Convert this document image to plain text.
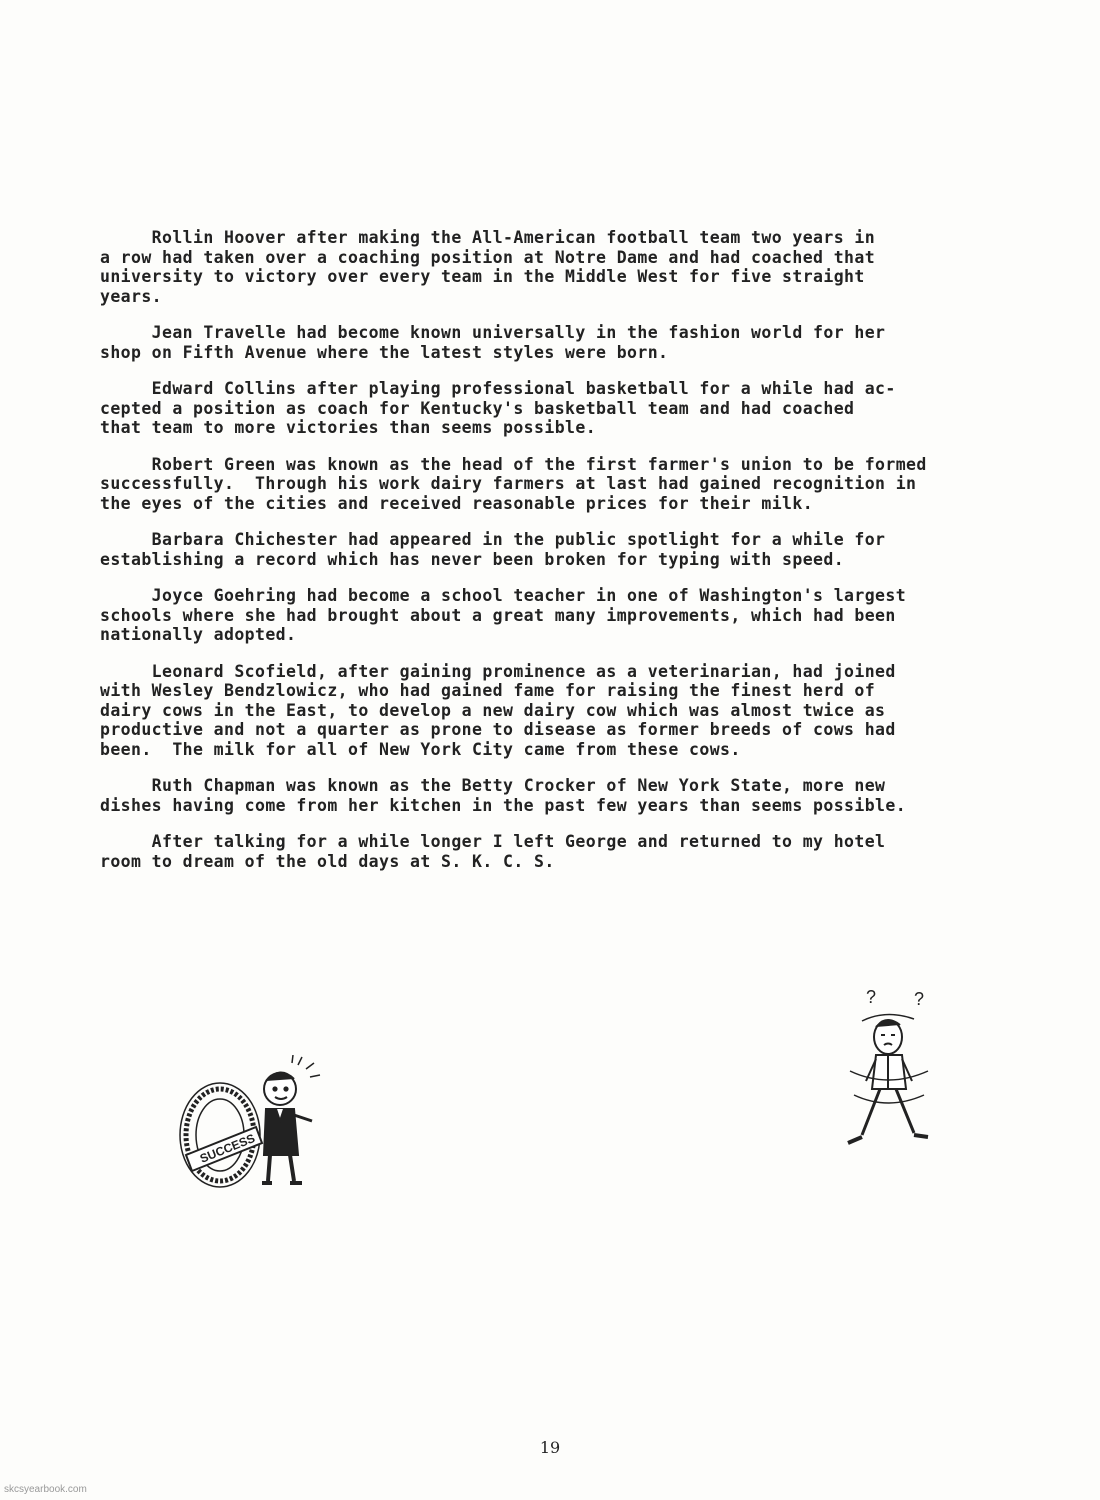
Rollin Hoover after making the All-American football team two years in
a row had taken over a coaching position at Notre Dame and had coached that
university to victory over every team in the Middle West for five straight
years.

Jean Travelle had become known universally in the fashion world for her
shop on Fifth Avenue where the latest styles were born.

Edward Collins after playing professional basketball for a while had ac-
cepted a position as coach for Kentucky's basketball team and had coached
that team to more victories than seems possible.

Robert Green was known as the head of the first farmer's union to be formed
successfully.  Through his work dairy farmers at last had gained recognition in
the eyes of the cities and received reasonable prices for their milk.

Barbara Chichester had appeared in the public spotlight for a while for
establishing a record which has never been broken for typing with speed.

Joyce Goehring had become a school teacher in one of Washington's largest
schools where she had brought about a great many improvements, which had been
nationally adopted.

Leonard Scofield, after gaining prominence as a veterinarian, had joined
with Wesley Bendzlowicz, who had gained fame for raising the finest herd of
dairy cows in the East, to develop a new dairy cow which was almost twice as
productive and not a quarter as prone to disease as former breeds of cows had
been.  The milk for all of New York City came from these cows.

Ruth Chapman was known as the Betty Crocker of New York State, more new
dishes having come from her kitchen in the past few years than seems possible.

After talking for a while longer I left George and returned to my hotel
room to dream of the old days at S. K. C. S.

SUCCESS
? ?
19
skcsyearbook.com
